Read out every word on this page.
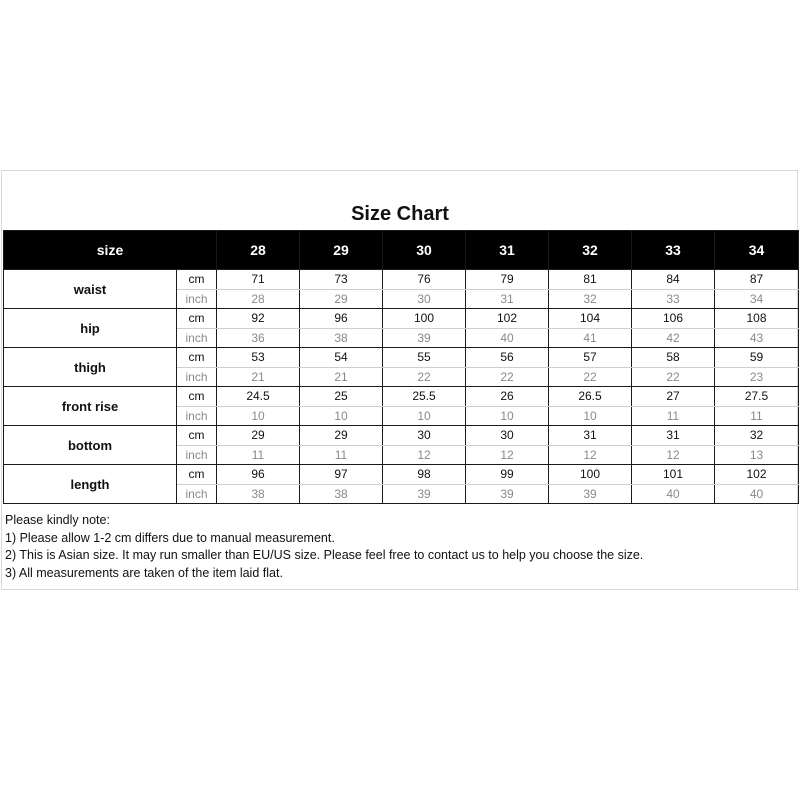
Size Chart
size		28	29	30	31	32	33	34
waist	cm	71	73	76	79	81	84	87
	inch	28	29	30	31	32	33	34
hip	cm	92	96	100	102	104	106	108
	inch	36	38	39	40	41	42	43
thigh	cm	53	54	55	56	57	58	59
	inch	21	21	22	22	22	22	23
front rise	cm	24.5	25	25.5	26	26.5	27	27.5
	inch	10	10	10	10	10	11	11
bottom	cm	29	29	30	30	31	31	32
	inch	11	11	12	12	12	12	13
length	cm	96	97	98	99	100	101	102
	inch	38	38	39	39	39	40	40
Please kindly note:
1) Please allow 1-2 cm differs due to manual measurement.
2) This is Asian size. It may run smaller than EU/US size. Please feel free to contact us to help you choose the size.
3) All measurements are taken of the item laid flat.
